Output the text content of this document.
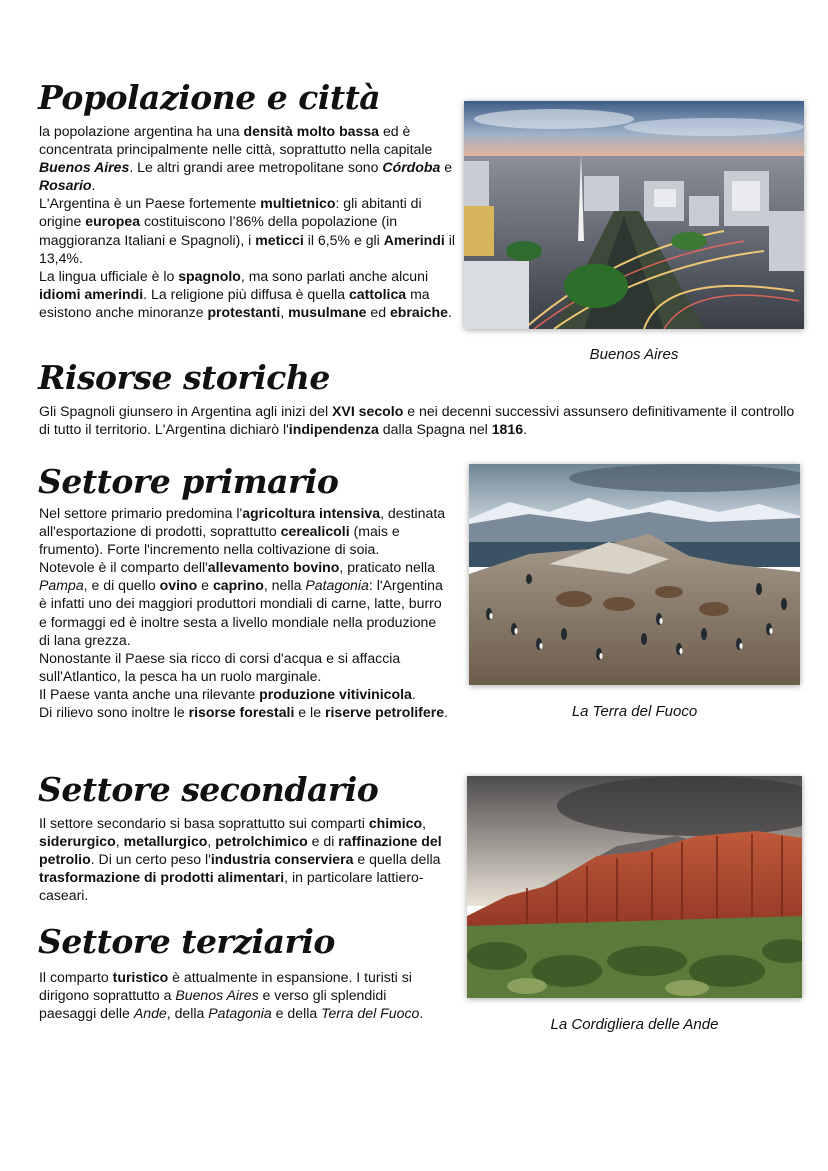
Popolazione e città

la popolazione argentina ha una densità molto bassa ed è concentrata principalmente nelle città, soprattutto nella capitale Buenos Aires. Le altri grandi aree metropolitane sono Córdoba e Rosario.
L'Argentina è un Paese fortemente multietnico: gli abitanti di origine europea costituiscono l’86% della popolazione (in maggioranza Italiani e Spagnoli), i meticci il 6,5% e gli Amerindi il 13,4%.
La lingua ufficiale è lo spagnolo, ma sono parlati anche alcuni idiomi amerindi. La religione più diffusa è quella cattolica ma esistono anche minoranze protestanti, musulmane ed ebraiche.

Buenos Aires

Risorse storiche

Gli Spagnoli giunsero in Argentina agli inizi del XVI secolo e nei decenni successivi assunsero definitivamente il controllo di tutto il territorio. L'Argentina dichiarò l'indipendenza dalla Spagna nel 1816.

Settore primario

Nel settore primario predomina l'agricoltura intensiva, destinata all'esportazione di prodotti, soprattutto cerealicoli (mais e frumento). Forte l'incremento nella coltivazione di soia.
Notevole è il comparto dell'allevamento bovino, praticato nella Pampa, e di quello ovino e caprino, nella Patagonia: l'Argentina è infatti uno dei maggiori produttori mondiali di carne, latte, burro e formaggi ed è inoltre sesta a livello mondiale nella produzione di lana grezza.
Nonostante il Paese sia ricco di corsi d'acqua e si affaccia sull'Atlantico, la pesca ha un ruolo marginale.
Il Paese vanta anche una rilevante produzione vitivinicola.
Di rilievo sono inoltre le risorse forestali e le riserve petrolifere.	La Terra del Fuoco

Settore secondario

Il settore secondario si basa soprattutto sui comparti chimico, siderurgico, metallurgico, petrolchimico e di raffinazione del petrolio. Di un certo peso l'industria conserviera e quella della trasformazione di prodotti alimentari, in particolare lattiero-caseari.

La Cordigliera delle Ande

Settore terziario

Il comparto turistico è attualmente in espansione. I turisti si dirigono soprattutto a Buenos Aires e verso gli splendidi paesaggi delle Ande, della Patagonia e della Terra del Fuoco.
